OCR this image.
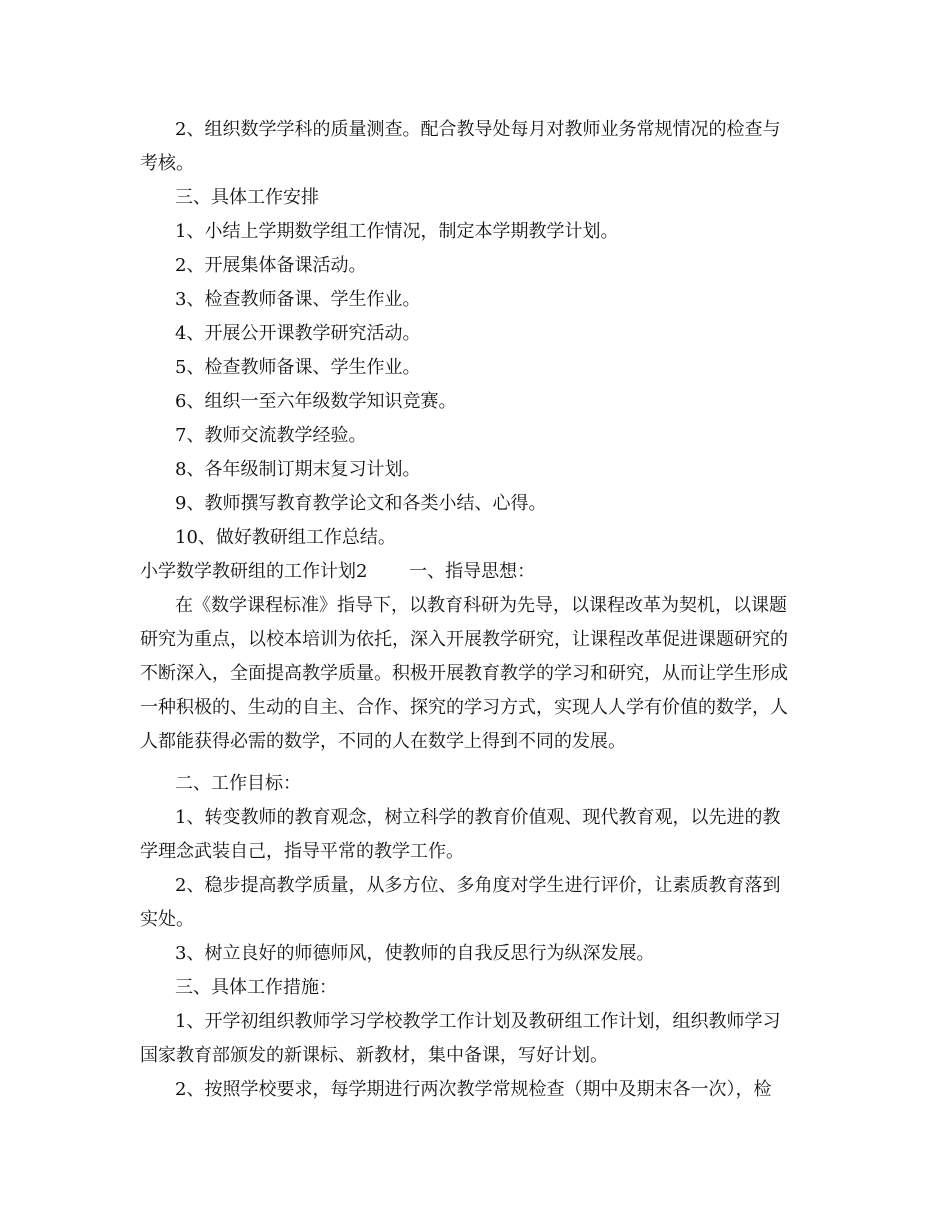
2、组织数学学科的质量测查。配合教导处每月对教师业务常规情况的检查与
考核。
三、具体工作安排
1、小结上学期数学组工作情况，制定本学期教学计划。
2、开展集体备课活动。
3、检查教师备课、学生作业。
4、开展公开课教学研究活动。
5、检查教师备课、学生作业。
6、组织一至六年级数学知识竞赛。
7、教师交流教学经验。
8、各年级制订期末复习计划。
9、教师撰写教育教学论文和各类小结、心得。
10、做好教研组工作总结。
小学数学教研组的工作计划2 　　一、指导思想：
在《数学课程标准》指导下，以教育科研为先导，以课程改革为契机，以课题
研究为重点，以校本培训为依托，深入开展教学研究，让课程改革促进课题研究的
不断深入，全面提高教学质量。积极开展教育教学的学习和研究，从而让学生形成
一种积极的、生动的自主、合作、探究的学习方式，实现人人学有价值的数学，人
人都能获得必需的数学，不同的人在数学上得到不同的发展。
二、工作目标：
1、转变教师的教育观念，树立科学的教育价值观、现代教育观，以先进的教
学理念武装自己，指导平常的教学工作。
2、稳步提高教学质量，从多方位、多角度对学生进行评价，让素质教育落到
实处。
3、树立良好的师德师风，使教师的自我反思行为纵深发展。
三、具体工作措施：
1、开学初组织教师学习学校教学工作计划及教研组工作计划，组织教师学习
国家教育部颁发的新课标、新教材，集中备课，写好计划。
2、按照学校要求，每学期进行两次教学常规检查（期中及期末各一次），检
